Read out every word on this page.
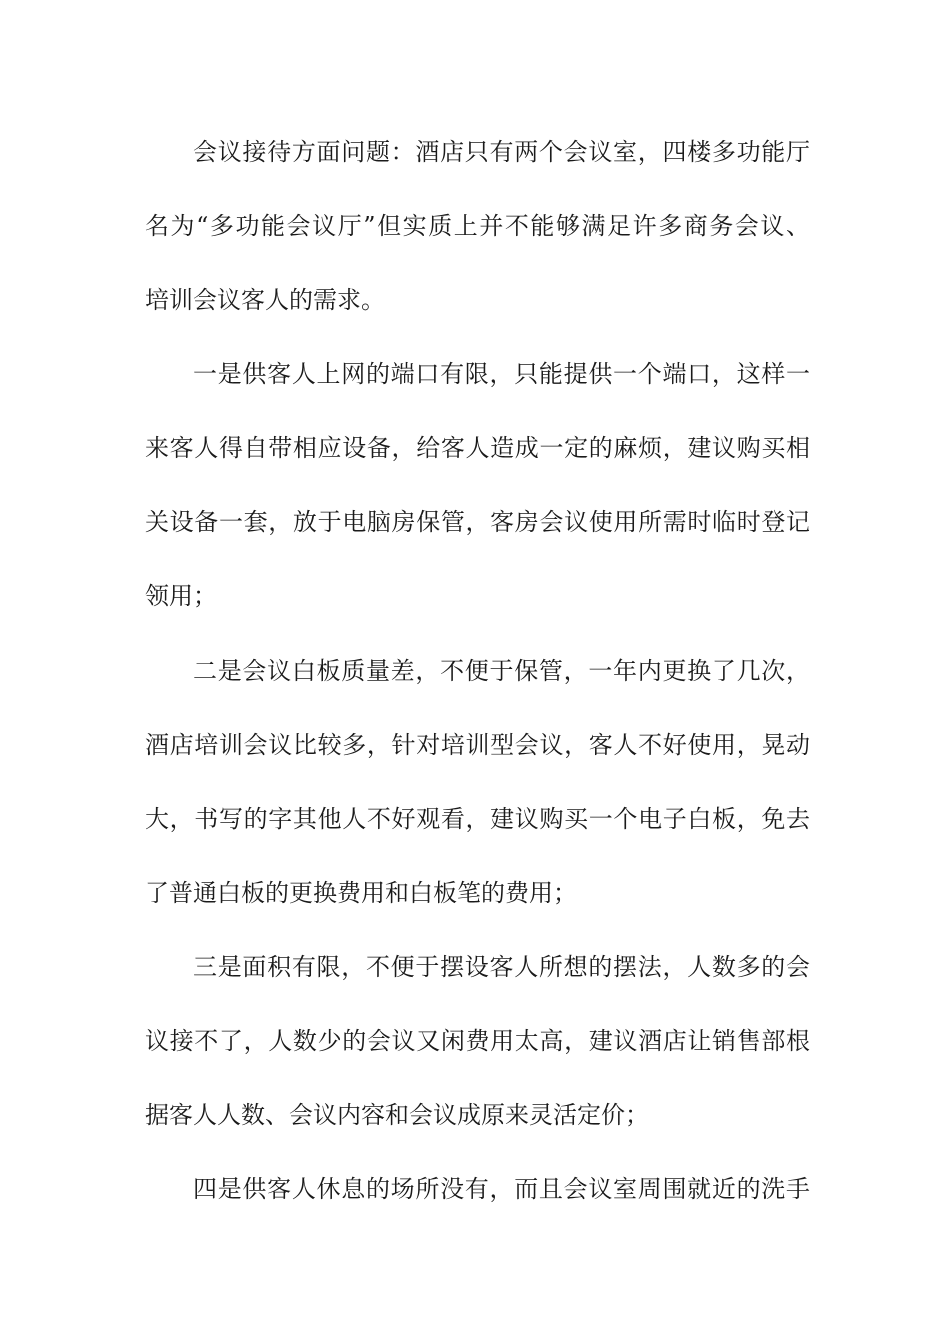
会议接待方面问题：酒店只有两个会议室，四楼多功能厅

名为“多功能会议厅”但实质上并不能够满足许多商务会议、

培训会议客人的需求。

一是供客人上网的端口有限，只能提供一个端口，这样一

来客人得自带相应设备，给客人造成一定的麻烦，建议购买相

关设备一套，放于电脑房保管，客房会议使用所需时临时登记

领用；

二是会议白板质量差，不便于保管，一年内更换了几次，

酒店培训会议比较多，针对培训型会议，客人不好使用，晃动

大，书写的字其他人不好观看，建议购买一个电子白板，免去

了普通白板的更换费用和白板笔的费用；

三是面积有限，不便于摆设客人所想的摆法，人数多的会

议接不了，人数少的会议又闲费用太高，建议酒店让销售部根

据客人人数、会议内容和会议成原来灵活定价；

四是供客人休息的场所没有，而且会议室周围就近的洗手
